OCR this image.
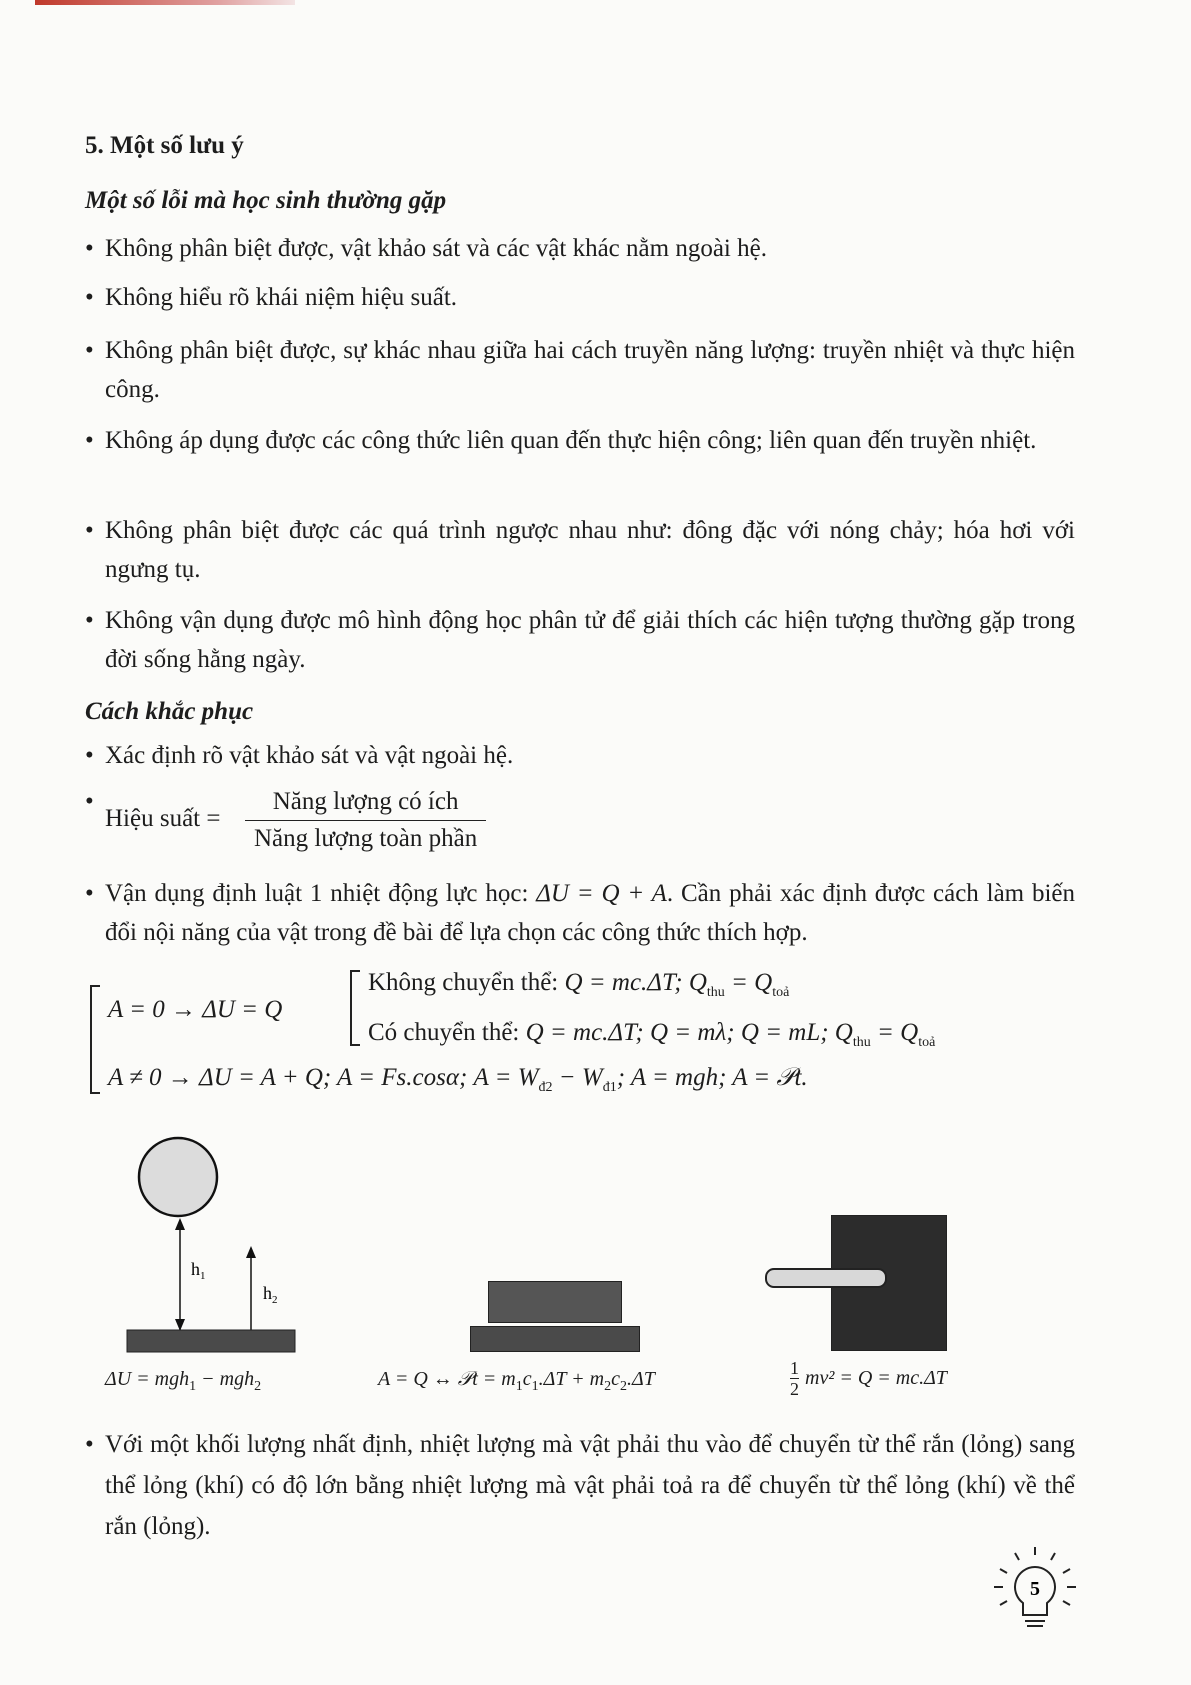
5. Một số lưu ý
Một số lỗi mà học sinh thường gặp
• Không phân biệt được, vật khảo sát và các vật khác nằm ngoài hệ.
• Không hiểu rõ khái niệm hiệu suất.
• Không phân biệt được, sự khác nhau giữa hai cách truyền năng lượng: truyền nhiệt và thực hiện công.
• Không áp dụng được các công thức liên quan đến thực hiện công; liên quan đến truyền nhiệt.
• Không phân biệt được các quá trình ngược nhau như: đông đặc với nóng chảy; hóa hơi với ngưng tụ.
• Không vận dụng được mô hình động học phân tử để giải thích các hiện tượng thường gặp trong đời sống hằng ngày.
Cách khắc phục
• Xác định rõ vật khảo sát và vật ngoài hệ.
• Hiệu suất = $\frac{\text{Năng lượng có ích}}{\text{Năng lượng toàn phần}}$
• Vận dụng định luật 1 nhiệt động lực học: ΔU = Q + A. Cần phải xác định được cách làm biến đổi nội năng của vật trong đề bài để lựa chọn các công thức thích hợp.
A = 0 → ΔU = Q
Không chuyển thể: Q = mc.ΔT; $Q_{thu} = Q_{toả}$
Có chuyển thể: Q = mc.ΔT; Q = mλ; Q = mL; $Q_{thu} = Q_{toả}$
A ≠ 0 → ΔU = A + Q; A = Fs.cosα; $A = W_{đ2} - W_{đ1}$; A = mgh; A = 𝒫t.
$h_1$
$h_2$
ΔU = mgh$_1$ − mgh$_2$	A = Q ↔ 𝒫t = $m_1c_1.\Delta T + m_2c_2.\Delta T$	$\frac{1}{2} mv^2 = Q = mc.\Delta T$
• Với một khối lượng nhất định, nhiệt lượng mà vật phải thu vào để chuyển từ thể rắn (lỏng) sang thể lỏng (khí) có độ lớn bằng nhiệt lượng mà vật phải toả ra để chuyển từ thể lỏng (khí) về thể rắn (lỏng).
5
